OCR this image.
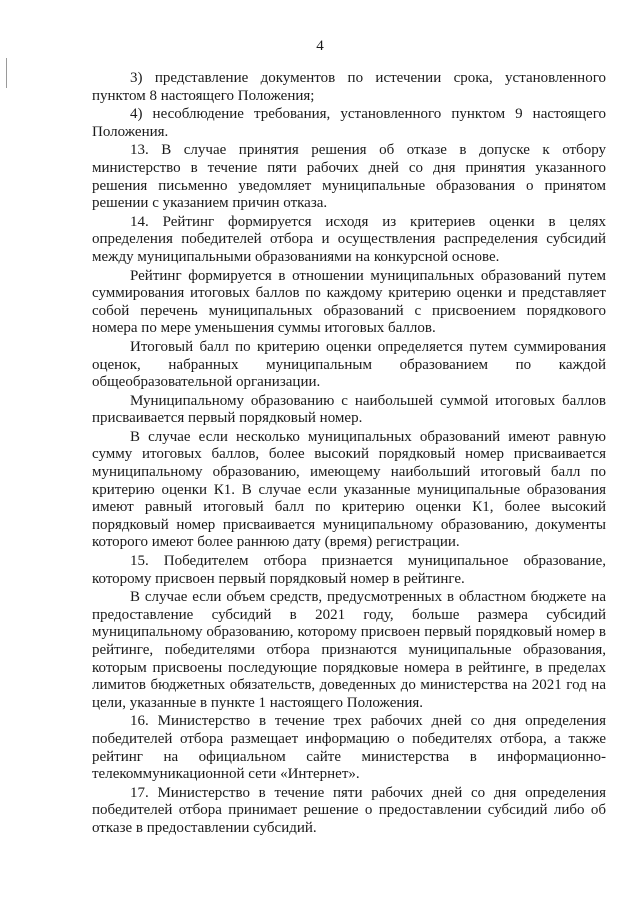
4

3) представление документов по истечении срока, установленного пунктом 8 настоящего Положения;

4) несоблюдение требования, установленного пунктом 9 настоящего Положения.

13. В случае принятия решения об отказе в допуске к отбору министерство в течение пяти рабочих дней со дня принятия указанного решения письменно уведомляет муниципальные образования о принятом решении с указанием причин отказа.

14. Рейтинг формируется исходя из критериев оценки в целях определения победителей отбора и осуществления распределения субсидий между муниципальными образованиями на конкурсной основе.

Рейтинг формируется в отношении муниципальных образований путем суммирования итоговых баллов по каждому критерию оценки и представляет собой перечень муниципальных образований с присвоением порядкового номера по мере уменьшения суммы итоговых баллов.

Итоговый балл по критерию оценки определяется путем суммирования оценок, набранных муниципальным образованием по каждой общеобразовательной организации.

Муниципальному образованию с наибольшей суммой итоговых баллов присваивается первый порядковый номер.

В случае если несколько муниципальных образований имеют равную сумму итоговых баллов, более высокий порядковый номер присваивается муниципальному образованию, имеющему наибольший итоговый балл по критерию оценки К1. В случае если указанные муниципальные образования имеют равный итоговый балл по критерию оценки К1, более высокий порядковый номер присваивается муниципальному образованию, документы которого имеют более раннюю дату (время) регистрации.

15. Победителем отбора признается муниципальное образование, которому присвоен первый порядковый номер в рейтинге.

В случае если объем средств, предусмотренных в областном бюджете на предоставление субсидий в 2021 году, больше размера субсидий муниципальному образованию, которому присвоен первый порядковый номер в рейтинге, победителями отбора признаются муниципальные образования, которым присвоены последующие порядковые номера в рейтинге, в пределах лимитов бюджетных обязательств, доведенных до министерства на 2021 год на цели, указанные в пункте 1 настоящего Положения.

16. Министерство в течение трех рабочих дней со дня определения победителей отбора размещает информацию о победителях отбора, а также рейтинг на официальном сайте министерства в информационно-телекоммуникационной сети «Интернет».

17. Министерство в течение пяти рабочих дней со дня определения победителей отбора принимает решение о предоставлении субсидий либо об отказе в предоставлении субсидий.
